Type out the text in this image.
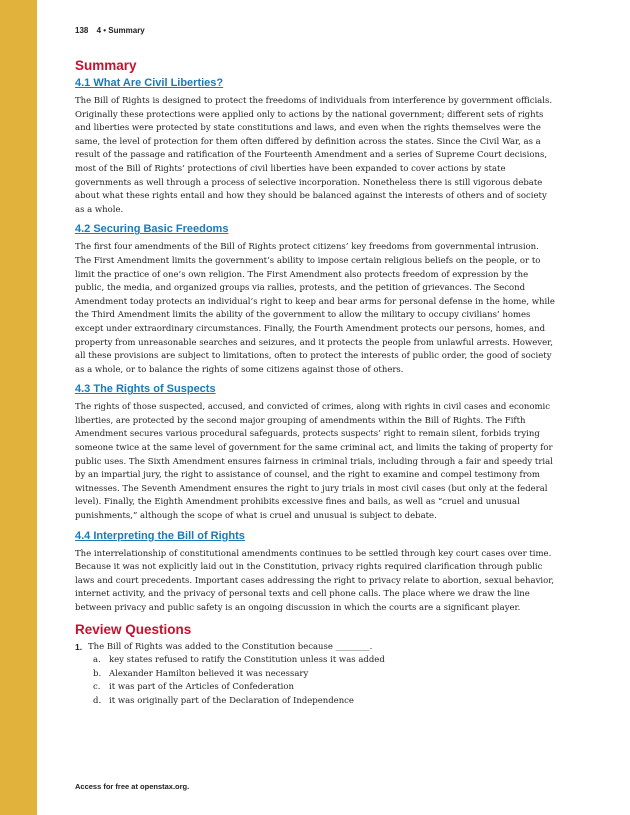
138 4 • Summary
Summary
4.1 What Are Civil Liberties?

The Bill of Rights is designed to protect the freedoms of individuals from interference by government officials. Originally these protections were applied only to actions by the national government; different sets of rights and liberties were protected by state constitutions and laws, and even when the rights themselves were the same, the level of protection for them often differed by definition across the states. Since the Civil War, as a result of the passage and ratification of the Fourteenth Amendment and a series of Supreme Court decisions, most of the Bill of Rights’ protections of civil liberties have been expanded to cover actions by state governments as well through a process of selective incorporation. Nonetheless there is still vigorous debate about what these rights entail and how they should be balanced against the interests of others and of society as a whole.

4.2 Securing Basic Freedoms

The first four amendments of the Bill of Rights protect citizens’ key freedoms from governmental intrusion. The First Amendment limits the government’s ability to impose certain religious beliefs on the people, or to limit the practice of one’s own religion. The First Amendment also protects freedom of expression by the public, the media, and organized groups via rallies, protests, and the petition of grievances. The Second Amendment today protects an individual’s right to keep and bear arms for personal defense in the home, while the Third Amendment limits the ability of the government to allow the military to occupy civilians’ homes except under extraordinary circumstances. Finally, the Fourth Amendment protects our persons, homes, and property from unreasonable searches and seizures, and it protects the people from unlawful arrests. However, all these provisions are subject to limitations, often to protect the interests of public order, the good of society as a whole, or to balance the rights of some citizens against those of others.

4.3 The Rights of Suspects

The rights of those suspected, accused, and convicted of crimes, along with rights in civil cases and economic liberties, are protected by the second major grouping of amendments within the Bill of Rights. The Fifth Amendment secures various procedural safeguards, protects suspects’ right to remain silent, forbids trying someone twice at the same level of government for the same criminal act, and limits the taking of property for public uses. The Sixth Amendment ensures fairness in criminal trials, including through a fair and speedy trial by an impartial jury, the right to assistance of counsel, and the right to examine and compel testimony from witnesses. The Seventh Amendment ensures the right to jury trials in most civil cases (but only at the federal level). Finally, the Eighth Amendment prohibits excessive fines and bails, as well as “cruel and unusual punishments,” although the scope of what is cruel and unusual is subject to debate.

4.4 Interpreting the Bill of Rights

The interrelationship of constitutional amendments continues to be settled through key court cases over time. Because it was not explicitly laid out in the Constitution, privacy rights required clarification through public laws and court precedents. Important cases addressing the right to privacy relate to abortion, sexual behavior, internet activity, and the privacy of personal texts and cell phone calls. The place where we draw the line between privacy and public safety is an ongoing discussion in which the courts are a significant player.

Review Questions
1. The Bill of Rights was added to the Constitution because ________.
a. key states refused to ratify the Constitution unless it was added
b. Alexander Hamilton believed it was necessary
c.	it was part of the Articles of Confederation
d. it was originally part of the Declaration of Independence
Access for free at openstax.org.
